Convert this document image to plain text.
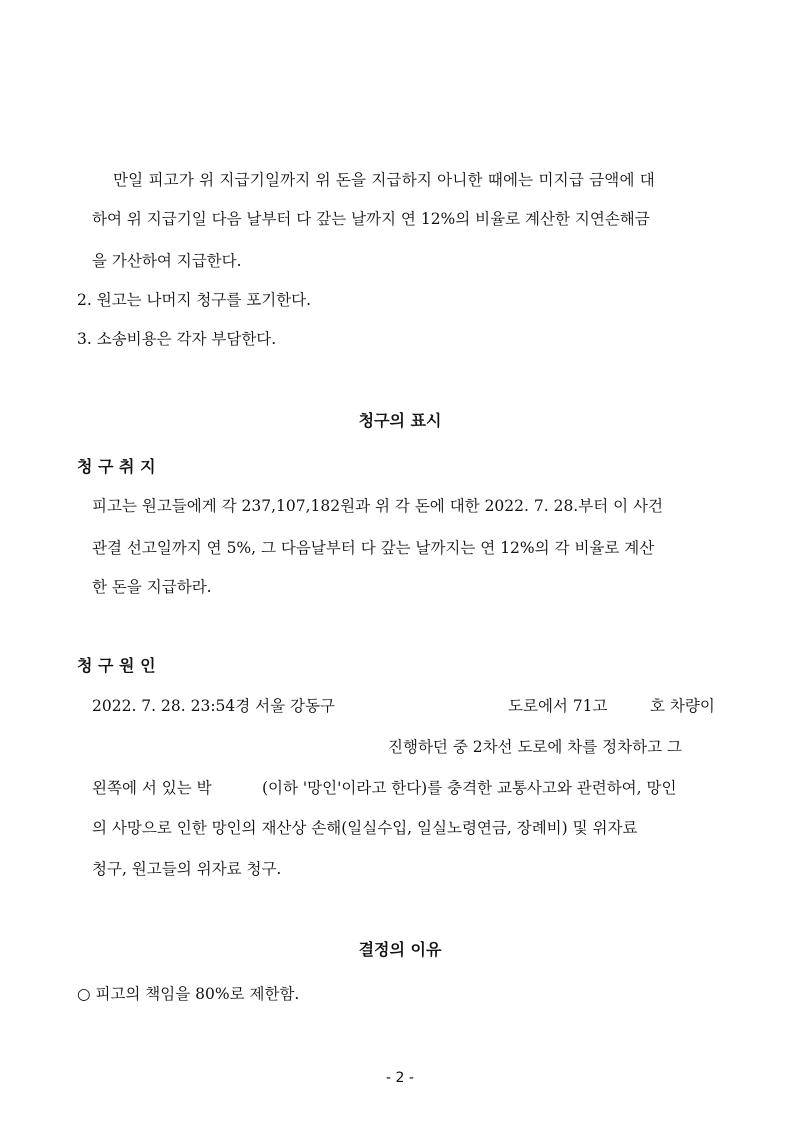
만일 피고가 위 지급기일까지 위 돈을 지급하지 아니한 때에는 미지급 금액에 대
하여 위 지급기일 다음 날부터 다 갚는 날까지 연 12%의 비율로 계산한 지연손해금
을 가산하여 지급한다.
2. 원고는 나머지 청구를 포기한다.
3. 소송비용은 각자 부담한다.
청구의 표시
청 구 취 지
피고는 원고들에게 각 237,107,182원과 위 각 돈에 대한 2022. 7. 28.부터 이 사건
관결 선고일까지 연 5%, 그 다음날부터 다 갚는 날까지는 연 12%의 각 비율로 계산
한 돈을 지급하라.
청 구 원 인
2022. 7. 28. 23:54경 서울 강동구	도로에서 71고	호 차량이
진행하던 중 2차선 도로에 차를 정차하고 그
왼쪽에 서 있는 박	(이하 '망인'이라고 한다)를 충격한 교통사고와 관련하여, 망인
의 사망으로 인한 망인의 재산상 손해(일실수입, 일실노령연금, 장례비) 및 위자료
청구, 원고들의 위자료 청구.
결정의 이유
○ 피고의 책임을 80%로 제한함.
- 2 -
